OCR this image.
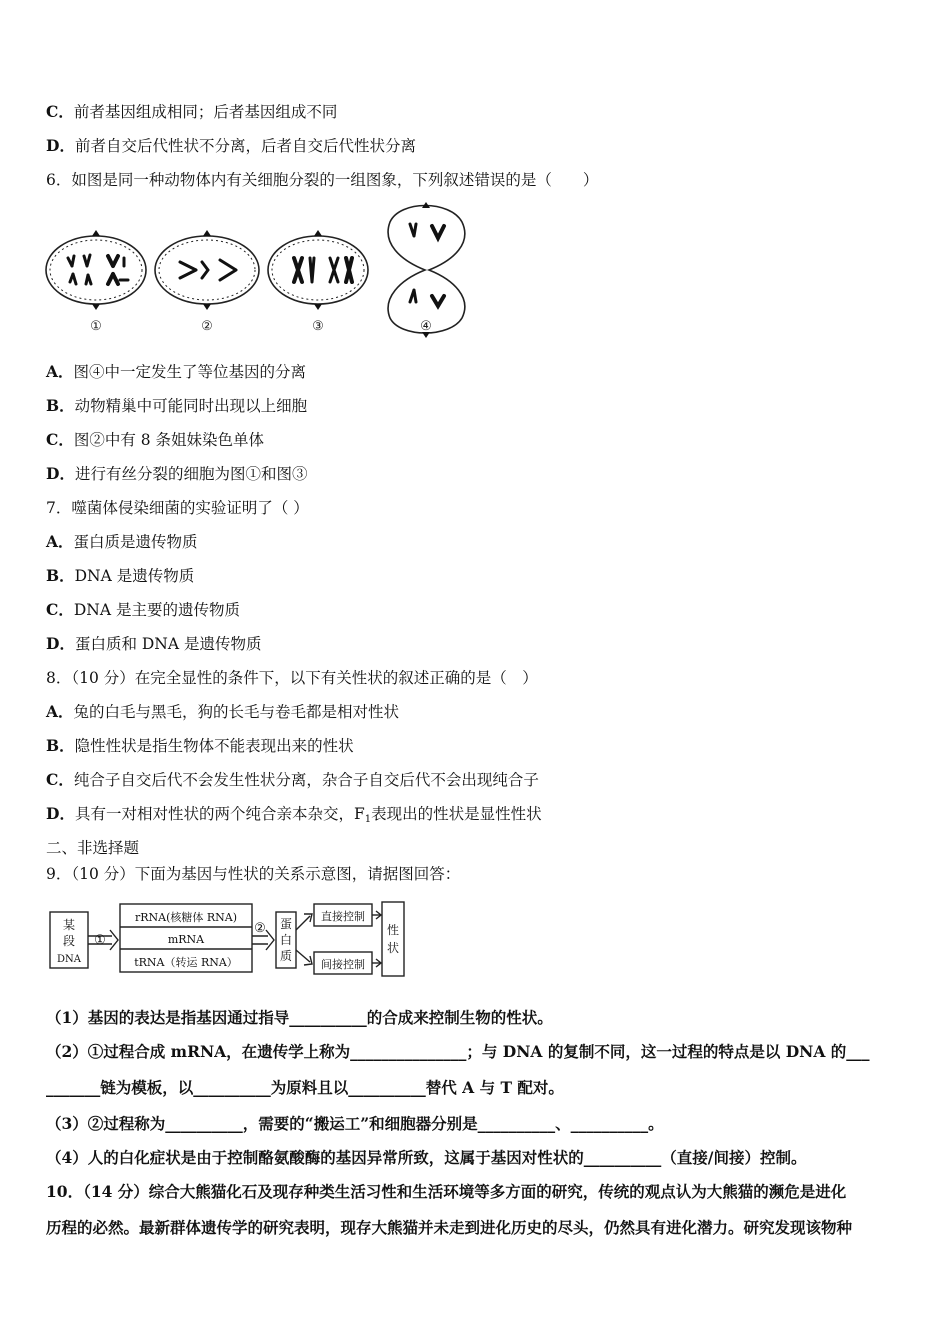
C．前者基因组成相同；后者基因组成不同
D．前者自交后代性状不分离，后者自交后代性状分离
6．如图是同一种动物体内有关细胞分裂的一组图象，下列叙述错误的是（　　）
①	②	③	④
A．图④中一定发生了等位基因的分离
B．动物精巢中可能同时出现以上细胞
C．图②中有 8 条姐妹染色单体
D．进行有丝分裂的细胞为图①和图③
7．噬菌体侵染细菌的实验证明了（ ）
A．蛋白质是遗传物质
B．DNA 是遗传物质
C．DNA 是主要的遗传物质
D．蛋白质和 DNA 是遗传物质
8．（10 分）在完全显性的条件下，以下有关性状的叙述正确的是（　）
A．兔的白毛与黑毛，狗的长毛与卷毛都是相对性状
B．隐性性状是指生物体不能表现出来的性状
C．纯合子自交后代不会发生性状分离，杂合子自交后代不会出现纯合子
D．具有一对相对性状的两个纯合亲本杂交，$F_1$表现出的性状是显性性状
二、非选择题
9．（10 分）下面为基因与性状的关系示意图，请据图回答：
某
段
DNA
①
rRNA(核糖体 RNA)
mRNA
tRNA（转运 RNA）
② 蛋
白
质
直接控制
间接控制
性
状
（1）基因的表达是指基因通过指导__________的合成来控制生物的性状。
（2）①过程合成 mRNA，在遗传学上称为_______________；与 DNA 的复制不同，这一过程的特点是以 DNA 的___
_______链为模板，以__________为原料且以__________替代 A 与 T 配对。
（3）②过程称为__________，需要的“搬运工”和细胞器分别是__________、__________。
（4）人的白化症状是由于控制酪氨酸酶的基因异常所致，这属于基因对性状的__________（直接/间接）控制。
10．（14 分）综合大熊猫化石及现存种类生活习性和生活环境等多方面的研究，传统的观点认为大熊猫的濒危是进化
历程的必然。最新群体遗传学的研究表明，现存大熊猫并未走到进化历史的尽头，仍然具有进化潜力。研究发现该物种
